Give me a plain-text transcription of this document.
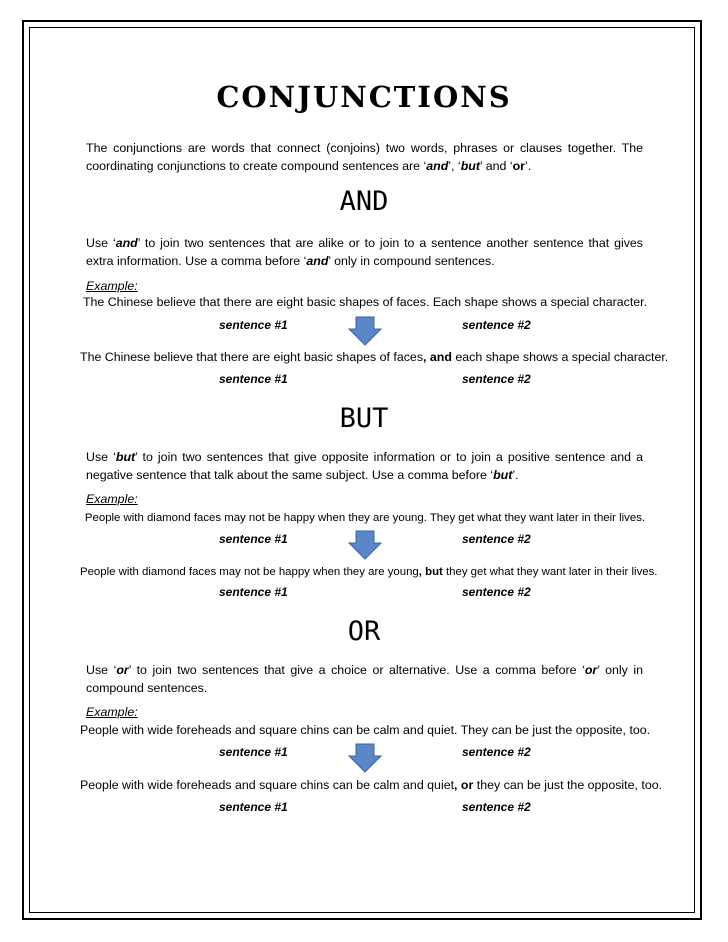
CONJUNCTIONS
The conjunctions are words that connect (conjoins) two words, phrases or clauses together. The coordinating conjunctions to create compound sentences are ‘and’, ‘but’ and ‘or’.
AND
Use ‘and’ to join two sentences that are alike or to join to a sentence another sentence that gives extra information. Use a comma before ‘and’ only in compound sentences.
Example:
The Chinese believe that there are eight basic shapes of faces. Each shape shows a special character.
sentence #1	sentence #2
The Chinese believe that there are eight basic shapes of faces, and each shape shows a special character.
sentence #1	sentence #2
BUT
Use ‘but’ to join two sentences that give opposite information or to join a positive sentence and a negative sentence that talk about the same subject. Use a comma before ‘but’.
Example:
People with diamond faces may not be happy when they are young. They get what they want later in their lives.
sentence #1	sentence #2
People with diamond faces may not be happy when they are young, but they get what they want later in their lives.
sentence #1	sentence #2
OR
Use ‘or’ to join two sentences that give a choice or alternative. Use a comma before ‘or’ only in compound sentences.
Example:
People with wide foreheads and square chins can be calm and quiet. They can be just the opposite, too.
sentence #1	sentence #2
People with wide foreheads and square chins can be calm and quiet, or they can be just the opposite, too.
sentence #1	sentence #2
